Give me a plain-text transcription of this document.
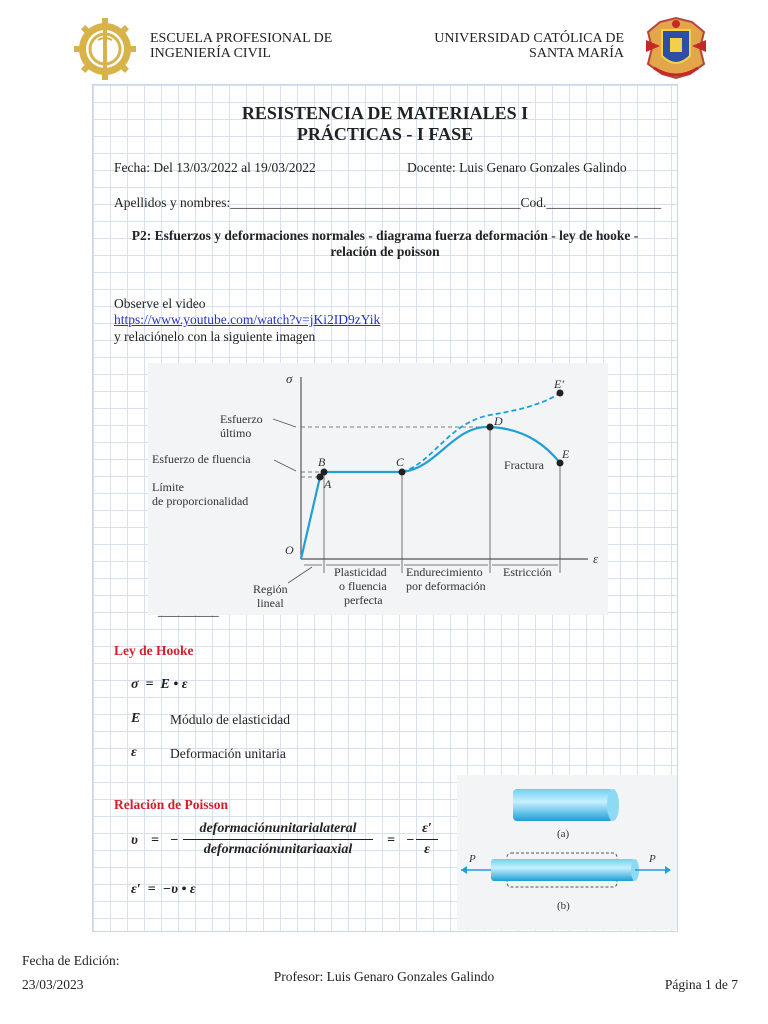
ESCUELA PROFESIONAL DE
INGENIERÍA CIVIL
UNIVERSIDAD CATÓLICA DE
SANTA MARÍA
RESISTENCIA DE MATERIALES I
PRÁCTICAS - I FASE
Fecha: Del 13/03/2022 al 19/03/2022	Docente: Luis Genaro Gonzales Galindo
Apellidos y nombres:___________________________________________Cod._________________
P2: Esfuerzos y deformaciones normales - diagrama fuerza deformación - ley de hooke -
relación de poisson
Observe el video
https://www.youtube.com/watch?v=jKi2ID9zYik
y relaciónelo con la siguiente imagen
σ
ε
O
A
B	C
D
E
E′
Fractura
Esfuerzo
último
Esfuerzo de fluencia
Límite
de proporcionalidad
Región
lineal
Plasticidad
o fluencia
perfecta
Endurecimiento
por deformación
Estricción
_________
Ley de Hooke
σ  =  E • ε
E Módulo de elasticidad
ε Deformación unitaria
Relación de Poisson
υ = −
deformaciónunitarialateral
deformaciónunitariaaxial
= −
ε′
ε
ε′  =  −υ • ε
(a)
P	P
(b)
Fecha de Edición:
23/03/2023
Profesor: Luis Genaro Gonzales Galindo
Página 1 de 7
